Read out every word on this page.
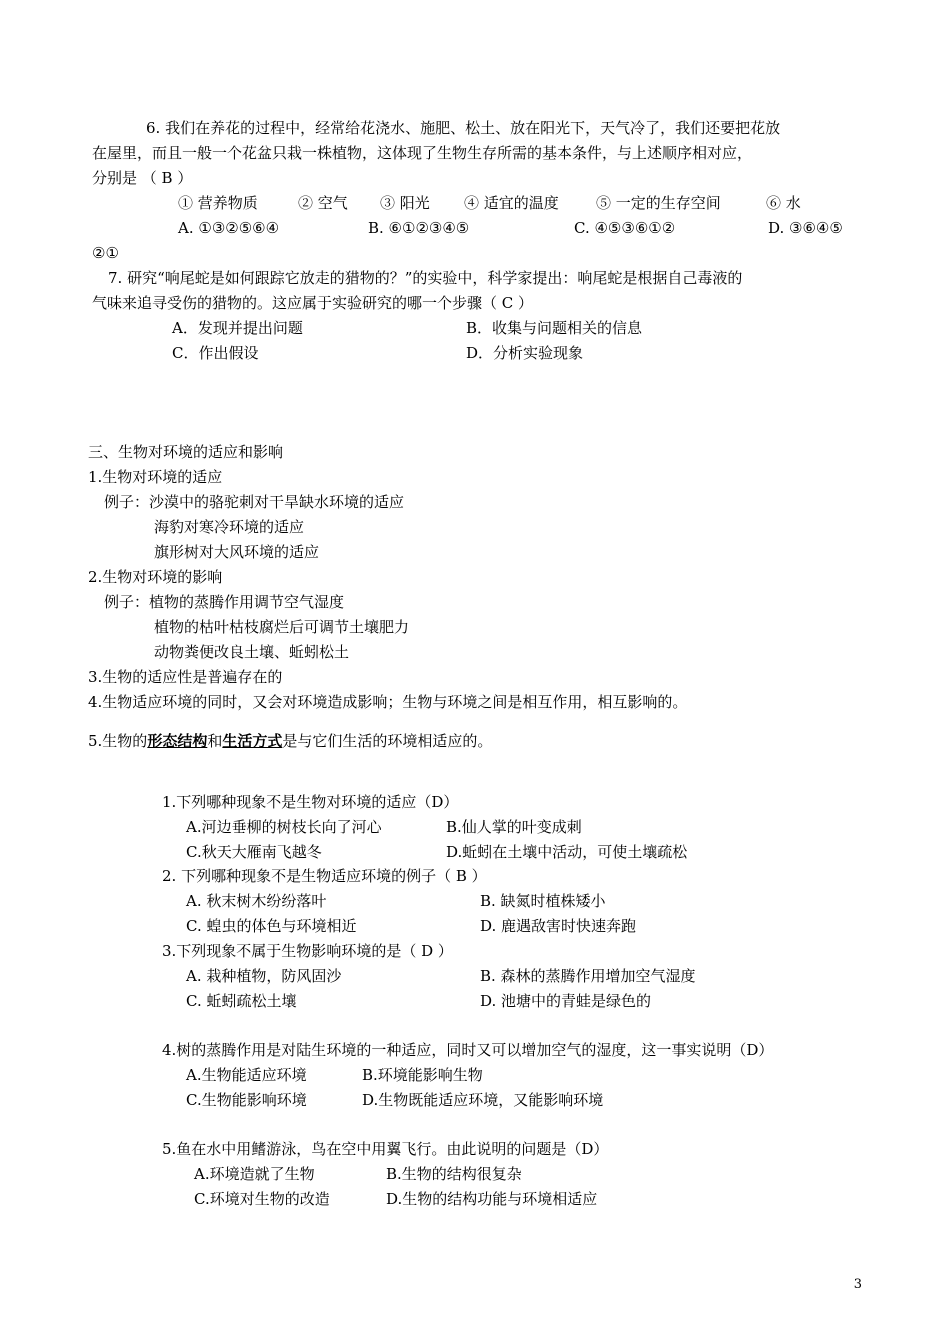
6. 我们在养花的过程中，经常给花浇水、施肥、松土、放在阳光下，天气冷了，我们还要把花放
在屋里，而且一般一个花盆只栽一株植物，这体现了生物生存所需的基本条件，与上述顺序相对应，
分别是 （ B ）
① 营养物质	② 空气 ③ 阳光 ④ 适宜的温度 ⑤ 一定的生存空间	⑥ 水
A. ①③②⑤⑥④	B. ⑥①②③④⑤	C. ④⑤③⑥①②	D. ③⑥④⑤
②①
7. 研究“响尾蛇是如何跟踪它放走的猎物的？”的实验中，科学家提出：响尾蛇是根据自己毒液的
气味来追寻受伤的猎物的。这应属于实验研究的哪一个步骤（ C ）
A．发现并提出问题	B．收集与问题相关的信息
C．作出假设	D．分析实验现象
三、生物对环境的适应和影响
1.生物对环境的适应
例子：沙漠中的骆驼刺对干旱缺水环境的适应
海豹对寒冷环境的适应
旗形树对大风环境的适应
2.生物对环境的影响
例子：植物的蒸腾作用调节空气湿度
植物的枯叶枯枝腐烂后可调节土壤肥力
动物粪便改良土壤、蚯蚓松土
3.生物的适应性是普遍存在的
4.生物适应环境的同时，又会对环境造成影响；生物与环境之间是相互作用，相互影响的。
5.生物的形态结构和生活方式是与它们生活的环境相适应的。
1.下列哪种现象不是生物对环境的适应（D）
A.河边垂柳的树枝长向了河心	B.仙人掌的叶变成刺
C.秋天大雁南飞越冬	D.蚯蚓在土壤中活动，可使土壤疏松
2. 下列哪种现象不是生物适应环境的例子（ B ）
A. 秋末树木纷纷落叶	B. 缺氮时植株矮小
C. 蝗虫的体色与环境相近	D. 鹿遇敌害时快速奔跑
3.下列现象不属于生物影响环境的是（ D ）
A. 栽种植物，防风固沙	B. 森林的蒸腾作用增加空气湿度
C. 蚯蚓疏松土壤	D. 池塘中的青蛙是绿色的
4.树的蒸腾作用是对陆生环境的一种适应，同时又可以增加空气的湿度，这一事实说明（D）
A.生物能适应环境	B.环境能影响生物
C.生物能影响环境	D.生物既能适应环境，又能影响环境
5.鱼在水中用鳍游泳，鸟在空中用翼飞行。由此说明的问题是（D）
A.环境造就了生物	B.生物的结构很复杂
C.环境对生物的改造	D.生物的结构功能与环境相适应
3
